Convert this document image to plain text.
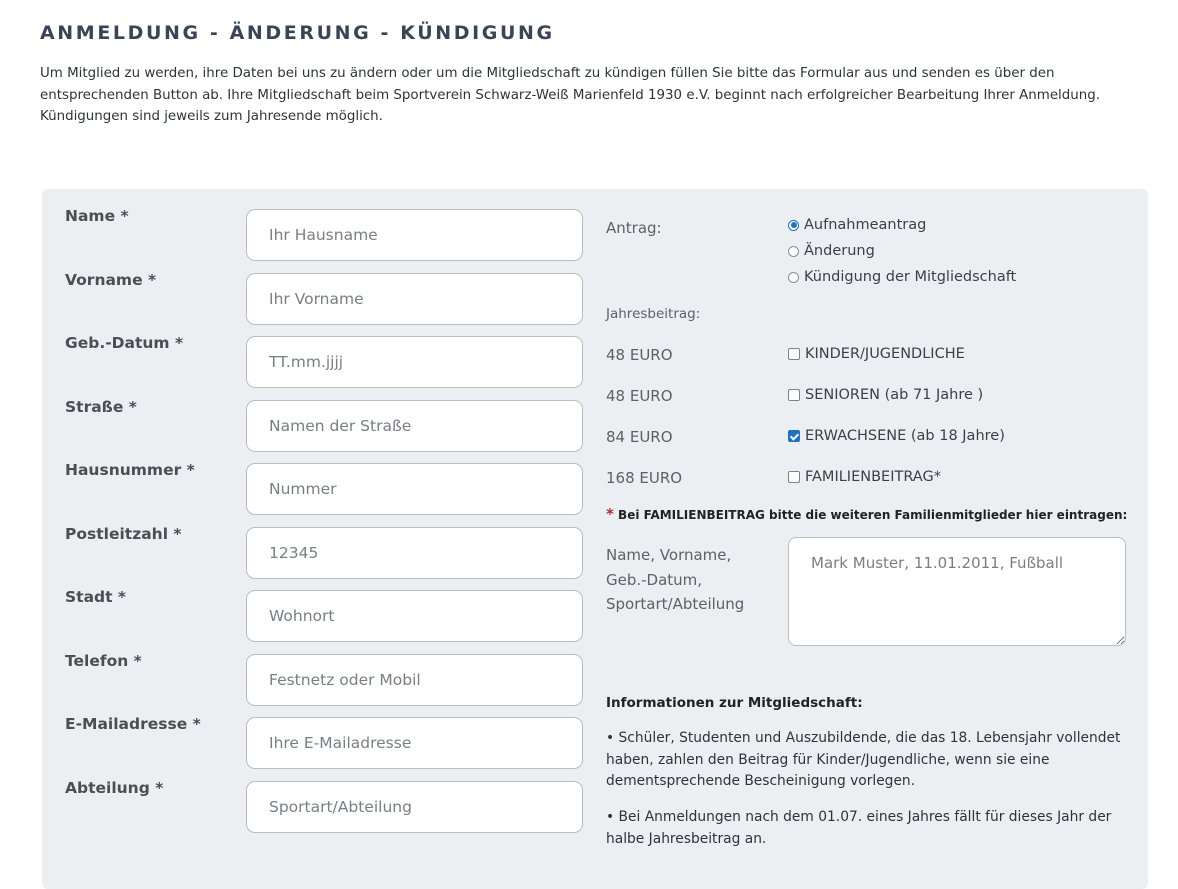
ANMELDUNG - ÄNDERUNG - KÜNDIGUNG

Um Mitglied zu werden, ihre Daten bei uns zu ändern oder um die Mitgliedschaft zu kündigen füllen Sie bitte das Formular aus und senden es über den entsprechenden Button ab. Ihre Mitgliedschaft beim Sportverein Schwarz-Weiß Marienfeld 1930 e.V. beginnt nach erfolgreicher Bearbeitung Ihrer Anmeldung. Kündigungen sind jeweils zum Jahresende möglich.

Name *
Ihr Hausname
Vorname *
Ihr Vorname
Geb.-Datum *
TT.mm.jjjj
Straße *
Namen der Straße
Hausnummer *
Nummer
Postleitzahl *
12345
Stadt *
Wohnort
Telefon *
Festnetz oder Mobil
E-Mailadresse *
Ihre E-Mailadresse
Abteilung *
Sportart/Abteilung
Antrag:	Aufnahmeantrag
Änderung
Kündigung der Mitgliedschaft
Jahresbeitrag:
48 EURO	KINDER/JUGENDLICHE
48 EURO	SENIOREN (ab 71 Jahre )
84 EURO	ERWACHSENE (ab 18 Jahre)
168 EURO	FAMILIENBEITRAG*
* Bei FAMILIENBEITRAG bitte die weiteren Familienmitglieder hier eintragen:
Name, Vorname,
Geb.-Datum,
Sportart/Abteilung
Mark Muster, 11.01.2011, Fußball
Informationen zur Mitgliedschaft:

• Schüler, Studenten und Auszubildende, die das 18. Lebensjahr vollendet haben, zahlen den Beitrag für Kinder/Jugendliche, wenn sie eine dementsprechende Bescheinigung vorlegen.

• Bei Anmeldungen nach dem 01.07. eines Jahres fällt für dieses Jahr der halbe Jahresbeitrag an.
